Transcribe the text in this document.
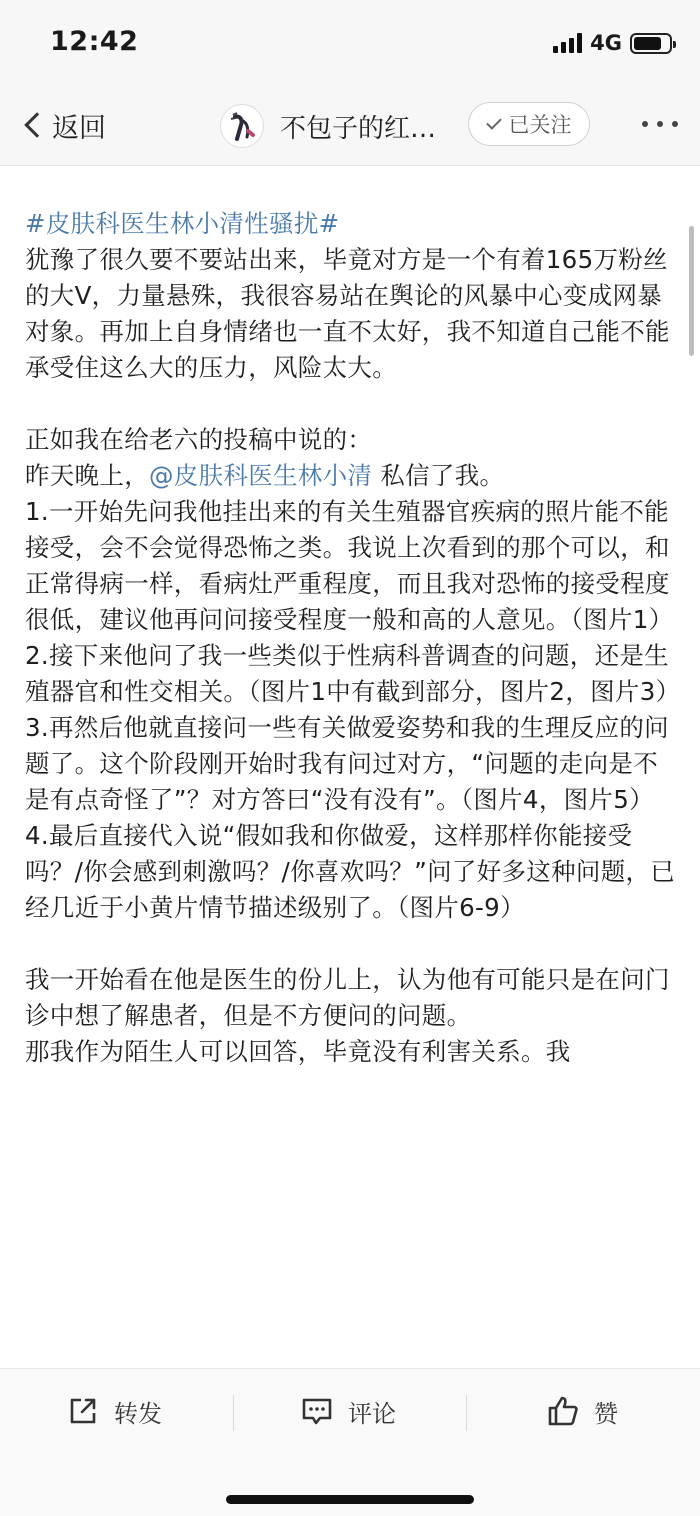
12:42	4G
返回	不包子的红…	已关注

#皮肤科医生林小清性骚扰#

犹豫了很久要不要站出来，毕竟对方是一个有着165万粉丝的大V，力量悬殊，我很容易站在舆论的风暴中心变成网暴对象。再加上自身情绪也一直不太好，我不知道自己能不能承受住这么大的压力，风险太大。

正如我在给老六的投稿中说的：

昨天晚上，@皮肤科医生林小清 私信了我。

1.一开始先问我他挂出来的有关生殖器官疾病的照片能不能接受，会不会觉得恐怖之类。我说上次看到的那个可以，和正常得病一样，看病灶严重程度，而且我对恐怖的接受程度很低，建议他再问问接受程度一般和高的人意见。（图片1）

2.接下来他问了我一些类似于性病科普调查的问题，还是生殖器官和性交相关。（图片1中有截到部分，图片2，图片3）

3.再然后他就直接问一些有关做爱姿势和我的生理反应的问题了。这个阶段刚开始时我有问过对方，“问题的走向是不是有点奇怪了”？对方答曰“没有没有”。（图片4，图片5）

4.最后直接代入说“假如我和你做爱，这样那样你能接受吗？/你会感到刺激吗？/你喜欢吗？”问了好多这种问题，已经几近于小黄片情节描述级别了。（图片6-9）

我一开始看在他是医生的份儿上，认为他有可能只是在问门诊中想了解患者，但是不方便问的问题。

那我作为陌生人可以回答，毕竟没有利害关系。我

转发	评论	赞
